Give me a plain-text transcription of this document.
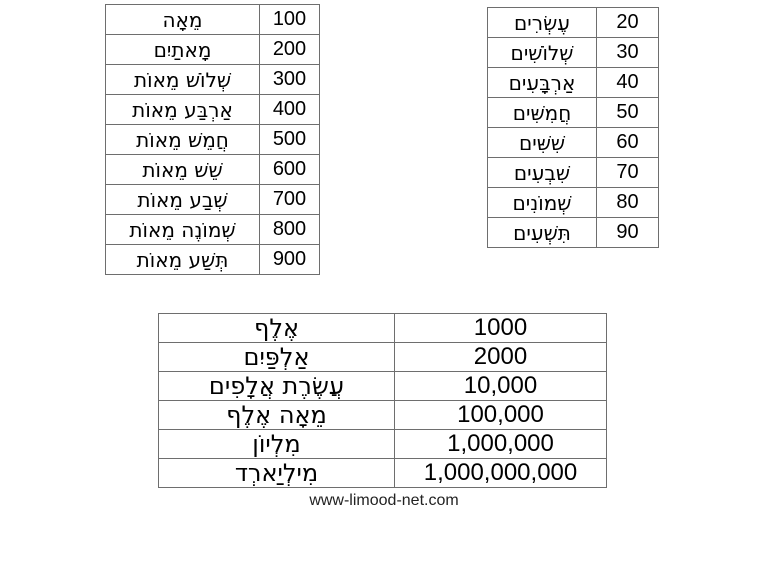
מֵאָה	100
מָאתַיִם	200
שְׁלוֹשׁ מֵאוֹת	300
אַרְבַּע מֵאוֹת	400
חֲמֵשׁ מֵאוֹת	500
שֵׁשׁ מֵאוֹת	600
שְׁבַע מֵאוֹת	700
שְׁמוֹנֶה מֵאוֹת	800
תְּשַׁע מֵאוֹת	900
עֶשְׂרִים	20
שְׁלוֹשִׁים	30
אַרְבָּעִים	40
חֲמִשִּׁים	50
שִׁשִּׁים	60
שִׁבְעִים	70
שְׁמוֹנִים	80
תִּשְׁעִים	90
אֶלֶף	1000
אַלְפַּיִם	2000
עֲשֶׂרֶת אֲלָפִים	10,000
מֵאָה אֶלֶף	100,000
מִלְיוֹן	1,000,000
מִילְיַארְד	1,000,000,000
www-limood-net.com
